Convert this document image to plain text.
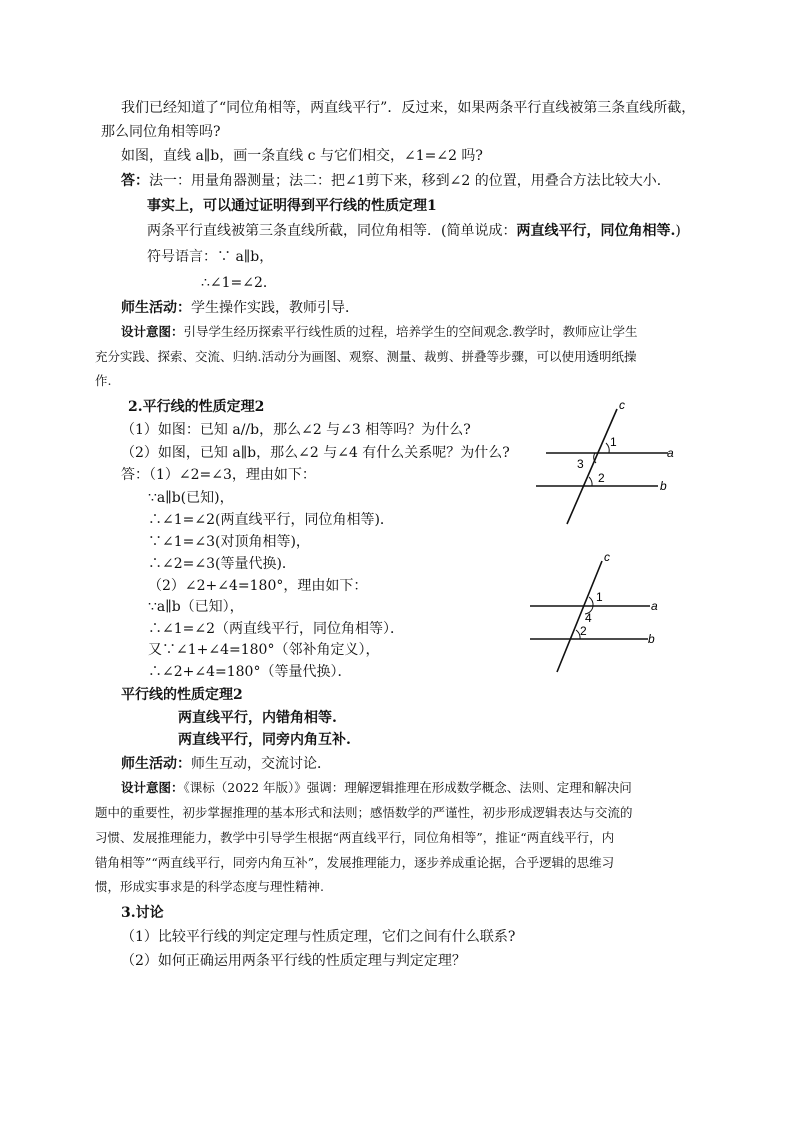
我们已经知道了“同位角相等，两直线平行”．反过来，如果两条平行直线被第三条直线所截，
那么同位角相等吗?
如图，直线 a∥b，画一条直线 c 与它们相交，∠1=∠2 吗?
答：法一：用量角器测量；法二：把∠1剪下来，移到∠2 的位置，用叠合方法比较大小．
事实上，可以通过证明得到平行线的性质定理1
两条平行直线被第三条直线所截，同位角相等．(简单说成：两直线平行，同位角相等.)
符号语言：∵ a∥b，
∴∠1=∠2．
师生活动：学生操作实践，教师引导．
设计意图：引导学生经历探索平行线性质的过程，培养学生的空间观念.教学时，教师应让学生
充分实践、探索、交流、归纳.活动分为画图、观察、测量、裁剪、拼叠等步骤，可以使用透明纸操
作.
2.平行线的性质定理2
（1）如图：已知 a//b，那么∠2 与∠3 相等吗？为什么?
（2）如图，已知 a∥b，那么∠2 与∠4 有什么关系呢？为什么?
答：（1）∠2=∠3，理由如下：
∵a∥b(已知)，
∴∠1=∠2(两直线平行，同位角相等)．
∵∠1=∠3(对顶角相等)，
∴∠2=∠3(等量代换)．
（2）∠2+∠4=180°，理由如下：
∵a∥b（已知），
∴∠1=∠2（两直线平行，同位角相等）．
又∵∠1+∠4=180°（邻补角定义），
∴∠2+∠4=180°（等量代换）．
平行线的性质定理2
两直线平行，内错角相等.
两直线平行，同旁内角互补.
师生活动：师生互动，交流讨论．
设计意图：《课标（2022 年版）》强调：理解逻辑推理在形成数学概念、法则、定理和解决问
题中的重要性，初步掌握推理的基本形式和法则；感悟数学的严谨性，初步形成逻辑表达与交流的
习惯、发展推理能力，教学中引导学生根据“两直线平行，同位角相等”，推证“两直线平行，内
错角相等”“两直线平行，同旁内角互补”，发展推理能力，逐步养成重论据，合乎逻辑的思维习
惯，形成实事求是的科学态度与理性精神.
3.讨论
（1）比较平行线的判定定理与性质定理，它们之间有什么联系?
（2）如何正确运用两条平行线的性质定理与判定定理？
c
a
b
1
3
2
c
a
b
1
4
2
